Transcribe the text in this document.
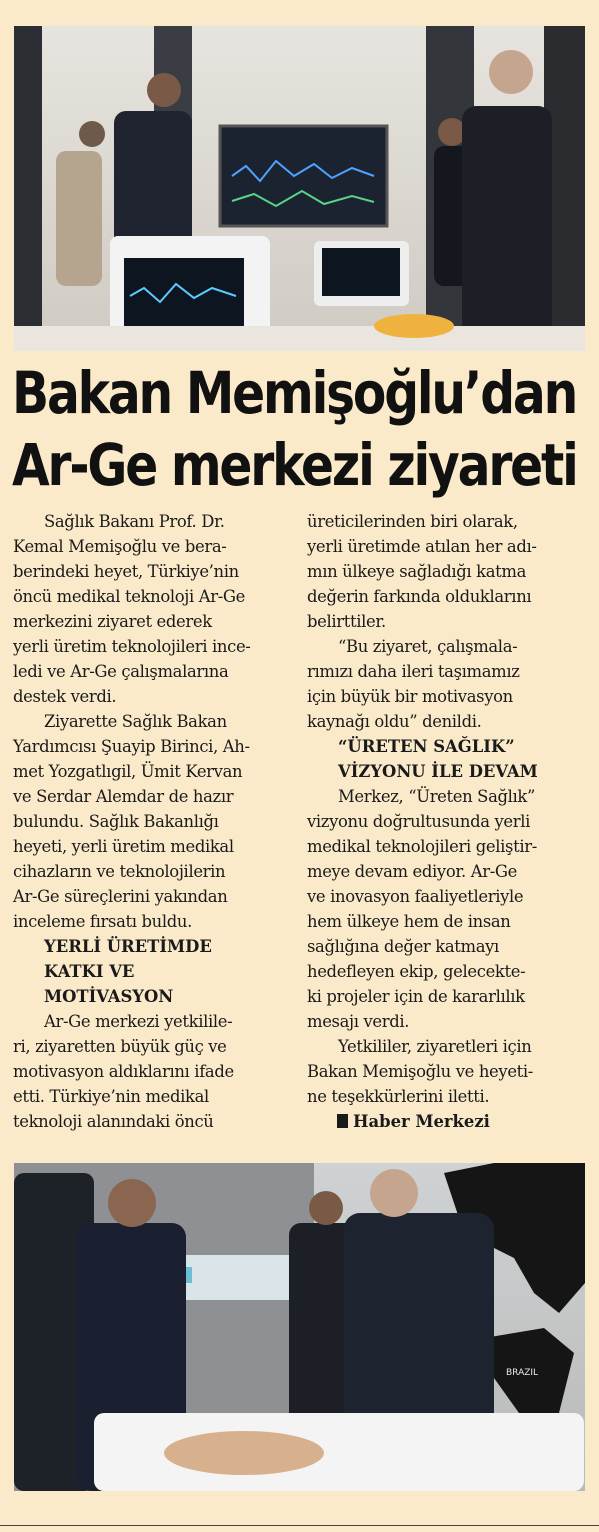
Bakan Memişoğlu’dan
Ar-Ge merkezi ziyareti
Sağlık Bakanı Prof. Dr.
Kemal Memişoğlu ve bera-
berindeki heyet, Türkiye’nin
öncü medikal teknoloji Ar-Ge
merkezini ziyaret ederek
yerli üretim teknolojileri ince-
ledi ve Ar-Ge çalışmalarına
destek verdi.
Ziyarette Sağlık Bakan
Yardımcısı Şuayip Birinci, Ah-
met Yozgatlıgil, Ümit Kervan
ve Serdar Alemdar de hazır
bulundu. Sağlık Bakanlığı
heyeti, yerli üretim medikal
cihazların ve teknolojilerin
Ar-Ge süreçlerini yakından
inceleme fırsatı buldu.
YERLİ ÜRETİMDE
KATKI VE
MOTİVASYON
Ar-Ge merkezi yetkilile-
ri, ziyaretten büyük güç ve
motivasyon aldıklarını ifade
etti. Türkiye’nin medikal
teknoloji alanındaki öncü
üreticilerinden biri olarak,
yerli üretimde atılan her adı-
mın ülkeye sağladığı katma
değerin farkında olduklarını
belirttiler.
“Bu ziyaret, çalışmala-
rımızı daha ileri taşımamız
için büyük bir motivasyon
kaynağı oldu” denildi.
“ÜRETEN SAĞLIK”
VİZYONU İLE DEVAM
Merkez, “Üreten Sağlık”
vizyonu doğrultusunda yerli
medikal teknolojileri geliştir-
meye devam ediyor. Ar-Ge
ve inovasyon faaliyetleriyle
hem ülkeye hem de insan
sağlığına değer katmayı
hedefleyen ekip, gelecekte-
ki projeler için de kararlılık
mesajı verdi.
Yetkililer, ziyaretleri için
Bakan Memişoğlu ve heyeti-
ne teşekkürlerini iletti.
Haber Merkezi
BRAZIL
